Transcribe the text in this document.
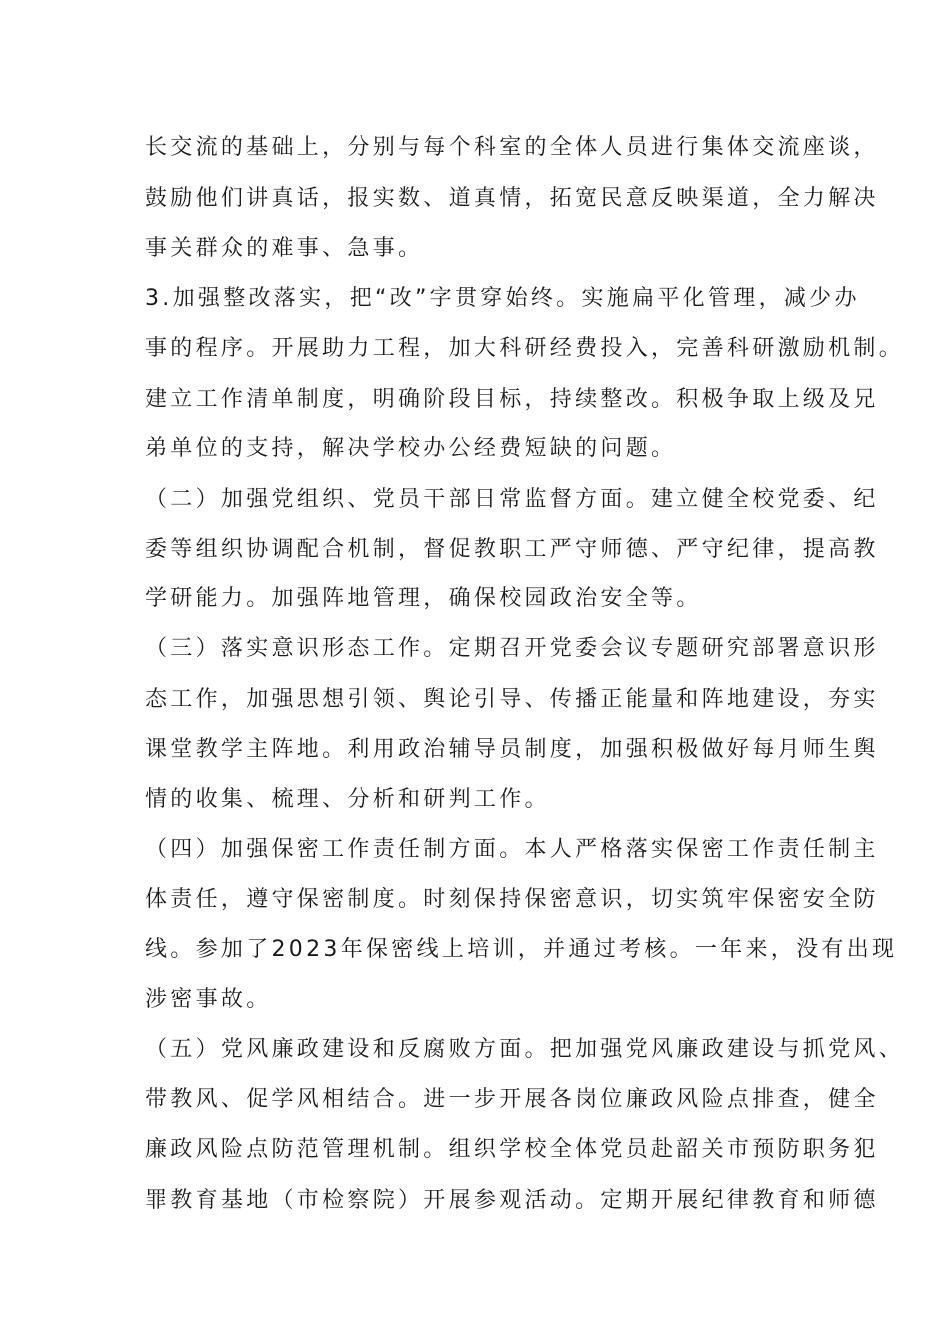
长交流的基础上，分别与每个科室的全体人员进行集体交流座谈，

鼓励他们讲真话，报实数、道真情，拓宽民意反映渠道，全力解决

事关群众的难事、急事。

3.加强整改落实，把“改”字贯穿始终。实施扁平化管理，减少办

事的程序。开展助力工程，加大科研经费投入，完善科研激励机制。

建立工作清单制度，明确阶段目标，持续整改。积极争取上级及兄

弟单位的支持，解决学校办公经费短缺的问题。

（二）加强党组织、党员干部日常监督方面。建立健全校党委、纪

委等组织协调配合机制，督促教职工严守师德、严守纪律，提高教

学研能力。加强阵地管理，确保校园政治安全等。

（三）落实意识形态工作。定期召开党委会议专题研究部署意识形

态工作，加强思想引领、舆论引导、传播正能量和阵地建设，夯实

课堂教学主阵地。利用政治辅导员制度，加强积极做好每月师生舆

情的收集、梳理、分析和研判工作。

（四）加强保密工作责任制方面。本人严格落实保密工作责任制主

体责任，遵守保密制度。时刻保持保密意识，切实筑牢保密安全防

线。参加了2023年保密线上培训，并通过考核。一年来，没有出现

涉密事故。

（五）党风廉政建设和反腐败方面。把加强党风廉政建设与抓党风、

带教风、促学风相结合。进一步开展各岗位廉政风险点排查，健全

廉政风险点防范管理机制。组织学校全体党员赴韶关市预防职务犯

罪教育基地（市检察院）开展参观活动。定期开展纪律教育和师德
